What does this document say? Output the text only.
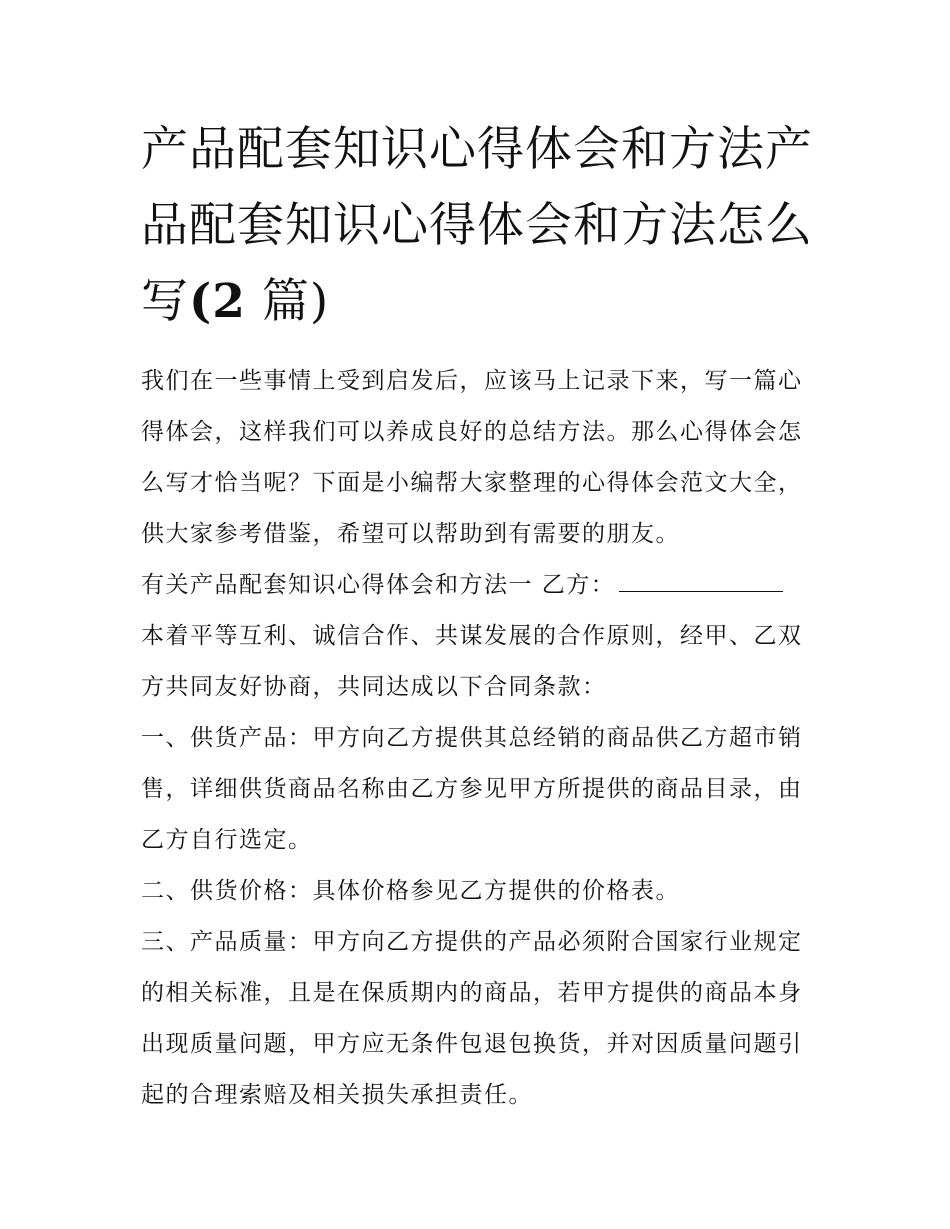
产品配套知识心得体会和方法产品配套知识心得体会和方法怎么写(2 篇)

我们在一些事情上受到启发后，应该马上记录下来，写一篇心得体会，这样我们可以养成良好的总结方法。那么心得体会怎么写才恰当呢？下面是小编帮大家整理的心得体会范文大全，供大家参考借鉴，希望可以帮助到有需要的朋友。

有关产品配套知识心得体会和方法一 乙方：

本着平等互利、诚信合作、共谋发展的合作原则，经甲、乙双方共同友好协商，共同达成以下合同条款：

一、供货产品：甲方向乙方提供其总经销的商品供乙方超市销售，详细供货商品名称由乙方参见甲方所提供的商品目录，由乙方自行选定。

二、供货价格：具体价格参见乙方提供的价格表。

三、产品质量：甲方向乙方提供的产品必须附合国家行业规定的相关标准，且是在保质期内的商品，若甲方提供的商品本身出现质量问题，甲方应无条件包退包换货，并对因质量问题引起的合理索赔及相关损失承担责任。
